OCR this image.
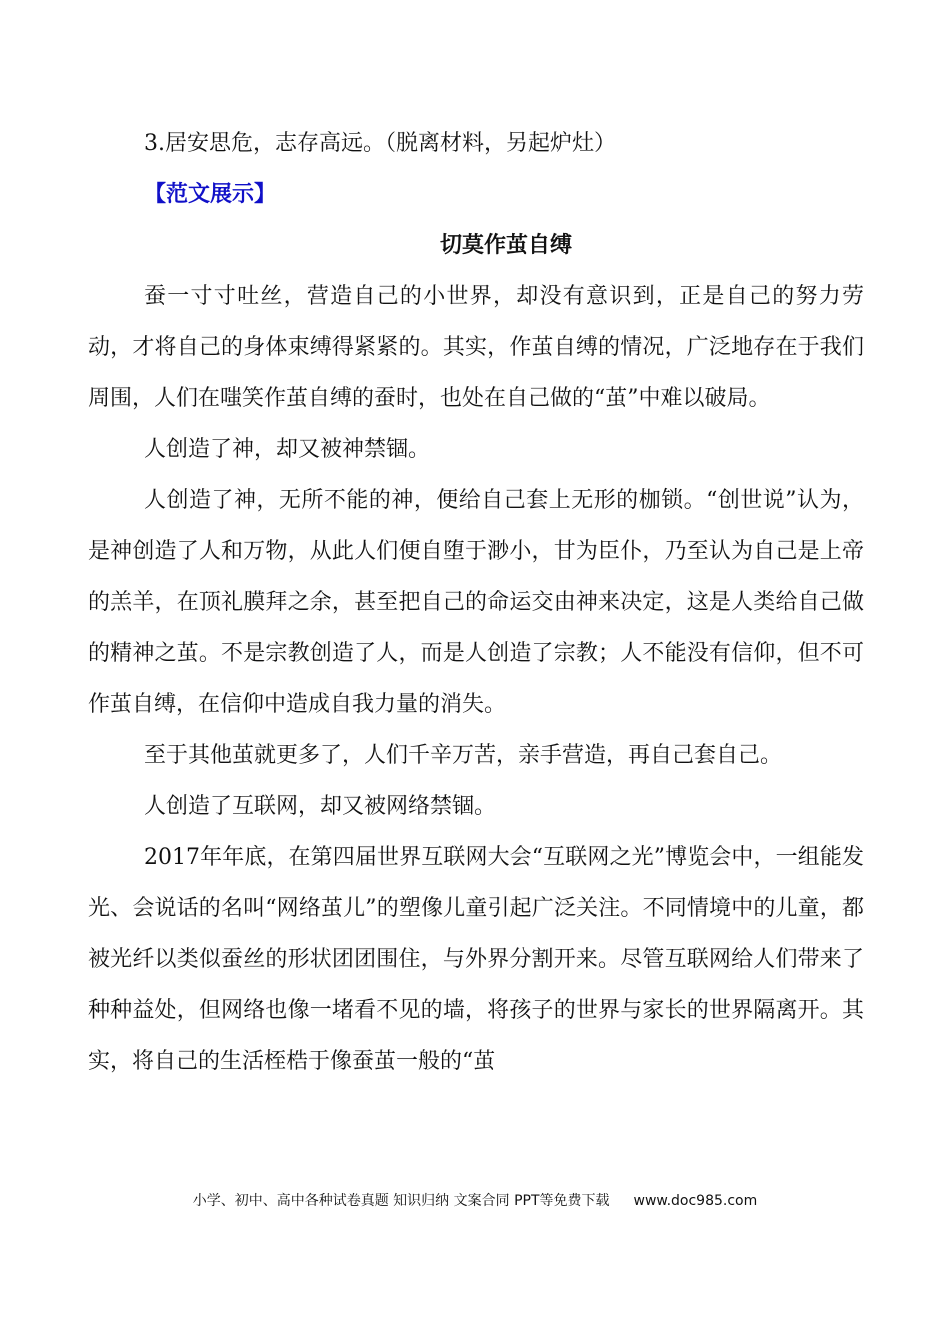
3.居安思危，志存高远。（脱离材料，另起炉灶）

【范文展示】

切莫作茧自缚

蚕一寸寸吐丝，营造自己的小世界，却没有意识到，正是自己的努力劳动，才将自己的身体束缚得紧紧的。其实，作茧自缚的情况，广泛地存在于我们周围，人们在嗤笑作茧自缚的蚕时，也处在自己做的“茧”中难以破局。

人创造了神，却又被神禁锢。

人创造了神，无所不能的神，便给自己套上无形的枷锁。“创世说”认为，是神创造了人和万物，从此人们便自堕于渺小，甘为臣仆，乃至认为自己是上帝的羔羊，在顶礼膜拜之余，甚至把自己的命运交由神来决定，这是人类给自己做的精神之茧。不是宗教创造了人，而是人创造了宗教；人不能没有信仰，但不可作茧自缚，在信仰中造成自我力量的消失。

至于其他茧就更多了，人们千辛万苦，亲手营造，再自己套自己。

人创造了互联网，却又被网络禁锢。

2017年年底，在第四届世界互联网大会“互联网之光”博览会中，一组能发光、会说话的名叫“网络茧儿”的塑像儿童引起广泛关注。不同情境中的儿童，都被光纤以类似蚕丝的形状团团围住，与外界分割开来。尽管互联网给人们带来了种种益处，但网络也像一堵看不见的墙，将孩子的世界与家长的世界隔离开。其实，将自己的生活桎梏于像蚕茧一般的“茧

小学、初中、高中各种试卷真题 知识归纳 文案合同 PPT等免费下载 www.doc985.com
